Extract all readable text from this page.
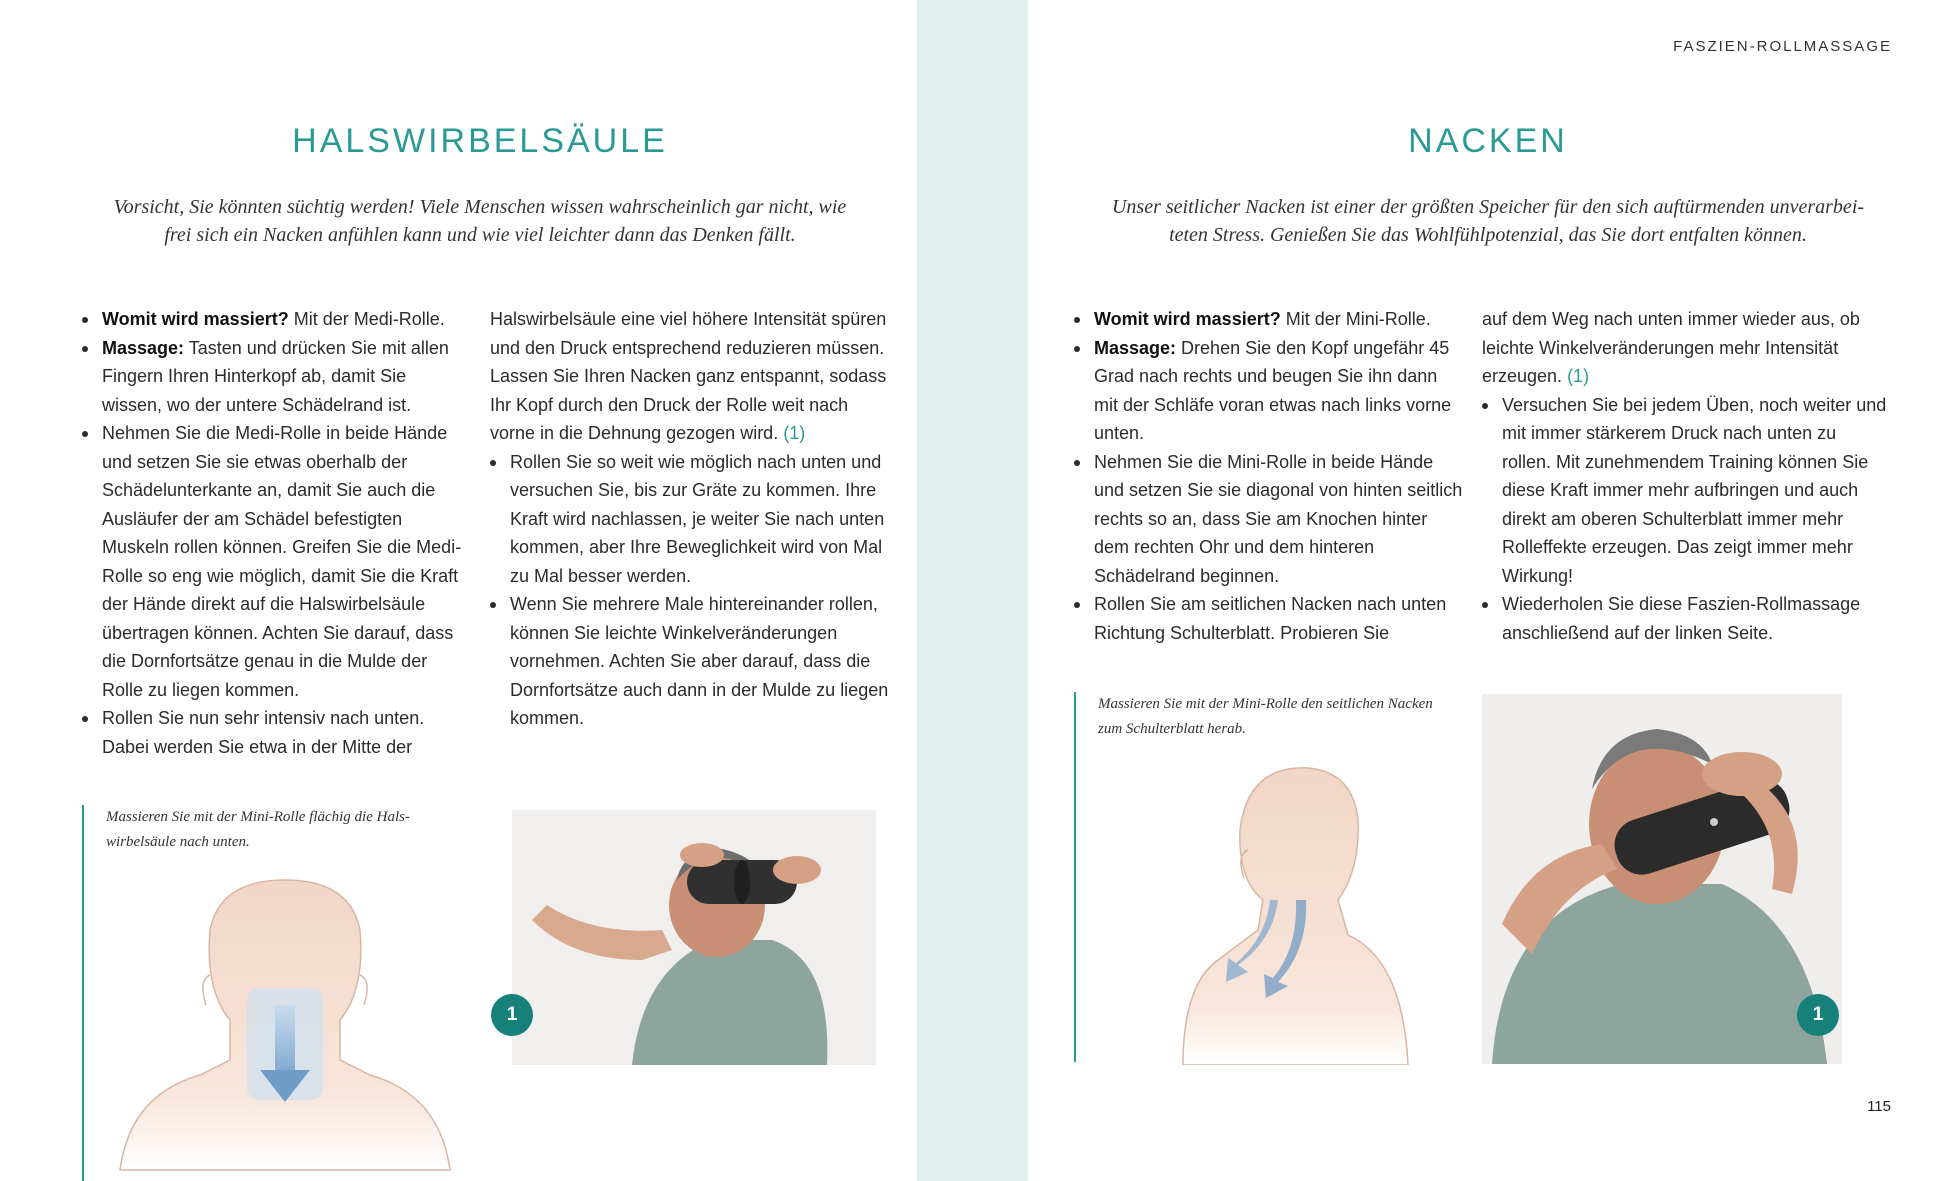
HALSWIRBELSÄULE
Vorsicht, Sie könnten süchtig werden! Viele Menschen wissen wahrscheinlich gar nicht, wie
frei sich ein Nacken anfühlen kann und wie viel leichter dann das Denken fällt.
Womit wird massiert? Mit der Medi-Rolle.
Massage: Tasten und drücken Sie mit allen Fingern Ihren Hinterkopf ab, damit Sie wissen, wo der untere Schädelrand ist.
Nehmen Sie die Medi-Rolle in beide Hände und setzen Sie sie etwas oberhalb der Schädelunterkante an, damit Sie auch die Ausläufer der am Schädel befestigten Muskeln rollen können. Greifen Sie die Medi-Rolle so eng wie möglich, damit Sie die Kraft der Hände direkt auf die Halswirbelsäule übertragen können. Achten Sie darauf, dass die Dornfortsätze genau in die Mulde der Rolle zu liegen kommen.
Rollen Sie nun sehr intensiv nach unten. Dabei werden Sie etwa in der Mitte der
Halswirbelsäule eine viel höhere Intensität spüren und den Druck entsprechend reduzieren müssen. Lassen Sie Ihren Nacken ganz entspannt, sodass Ihr Kopf durch den Druck der Rolle weit nach vorne in die Dehnung gezogen wird. (1)
Rollen Sie so weit wie möglich nach unten und versuchen Sie, bis zur Gräte zu kommen. Ihre Kraft wird nachlassen, je weiter Sie nach unten kommen, aber Ihre Beweglichkeit wird von Mal zu Mal besser werden.
Wenn Sie mehrere Male hintereinander rollen, können Sie leichte Winkelveränderungen vornehmen. Achten Sie aber darauf, dass die Dornfortsätze auch dann in der Mulde zu liegen kommen.
Massieren Sie mit der Mini-Rolle flächig die Hals-
wirbelsäule nach unten.
1
FASZIEN-ROLLMASSAGE
NACKEN
Unser seitlicher Nacken ist einer der größten Speicher für den sich auftürmenden unverarbei-
teten Stress. Genießen Sie das Wohlfühlpotenzial, das Sie dort entfalten können.
Womit wird massiert? Mit der Mini-Rolle.
Massage: Drehen Sie den Kopf ungefähr 45 Grad nach rechts und beugen Sie ihn dann mit der Schläfe voran etwas nach links vorne unten.
Nehmen Sie die Mini-Rolle in beide Hände und setzen Sie sie diagonal von hinten seitlich rechts so an, dass Sie am Knochen hinter dem rechten Ohr und dem hinteren Schädelrand beginnen.
Rollen Sie am seitlichen Nacken nach unten Richtung Schulterblatt. Probieren Sie
auf dem Weg nach unten immer wieder aus, ob leichte Winkelveränderungen mehr Intensität erzeugen. (1)
Versuchen Sie bei jedem Üben, noch weiter und mit immer stärkerem Druck nach unten zu rollen. Mit zunehmendem Training können Sie diese Kraft immer mehr aufbringen und auch direkt am oberen Schulterblatt immer mehr Rolleffekte erzeugen. Das zeigt immer mehr Wirkung!
Wiederholen Sie diese Faszien-Rollmassage anschließend auf der linken Seite.
Massieren Sie mit der Mini-Rolle den seitlichen Nacken
zum Schulterblatt herab.
1
115
